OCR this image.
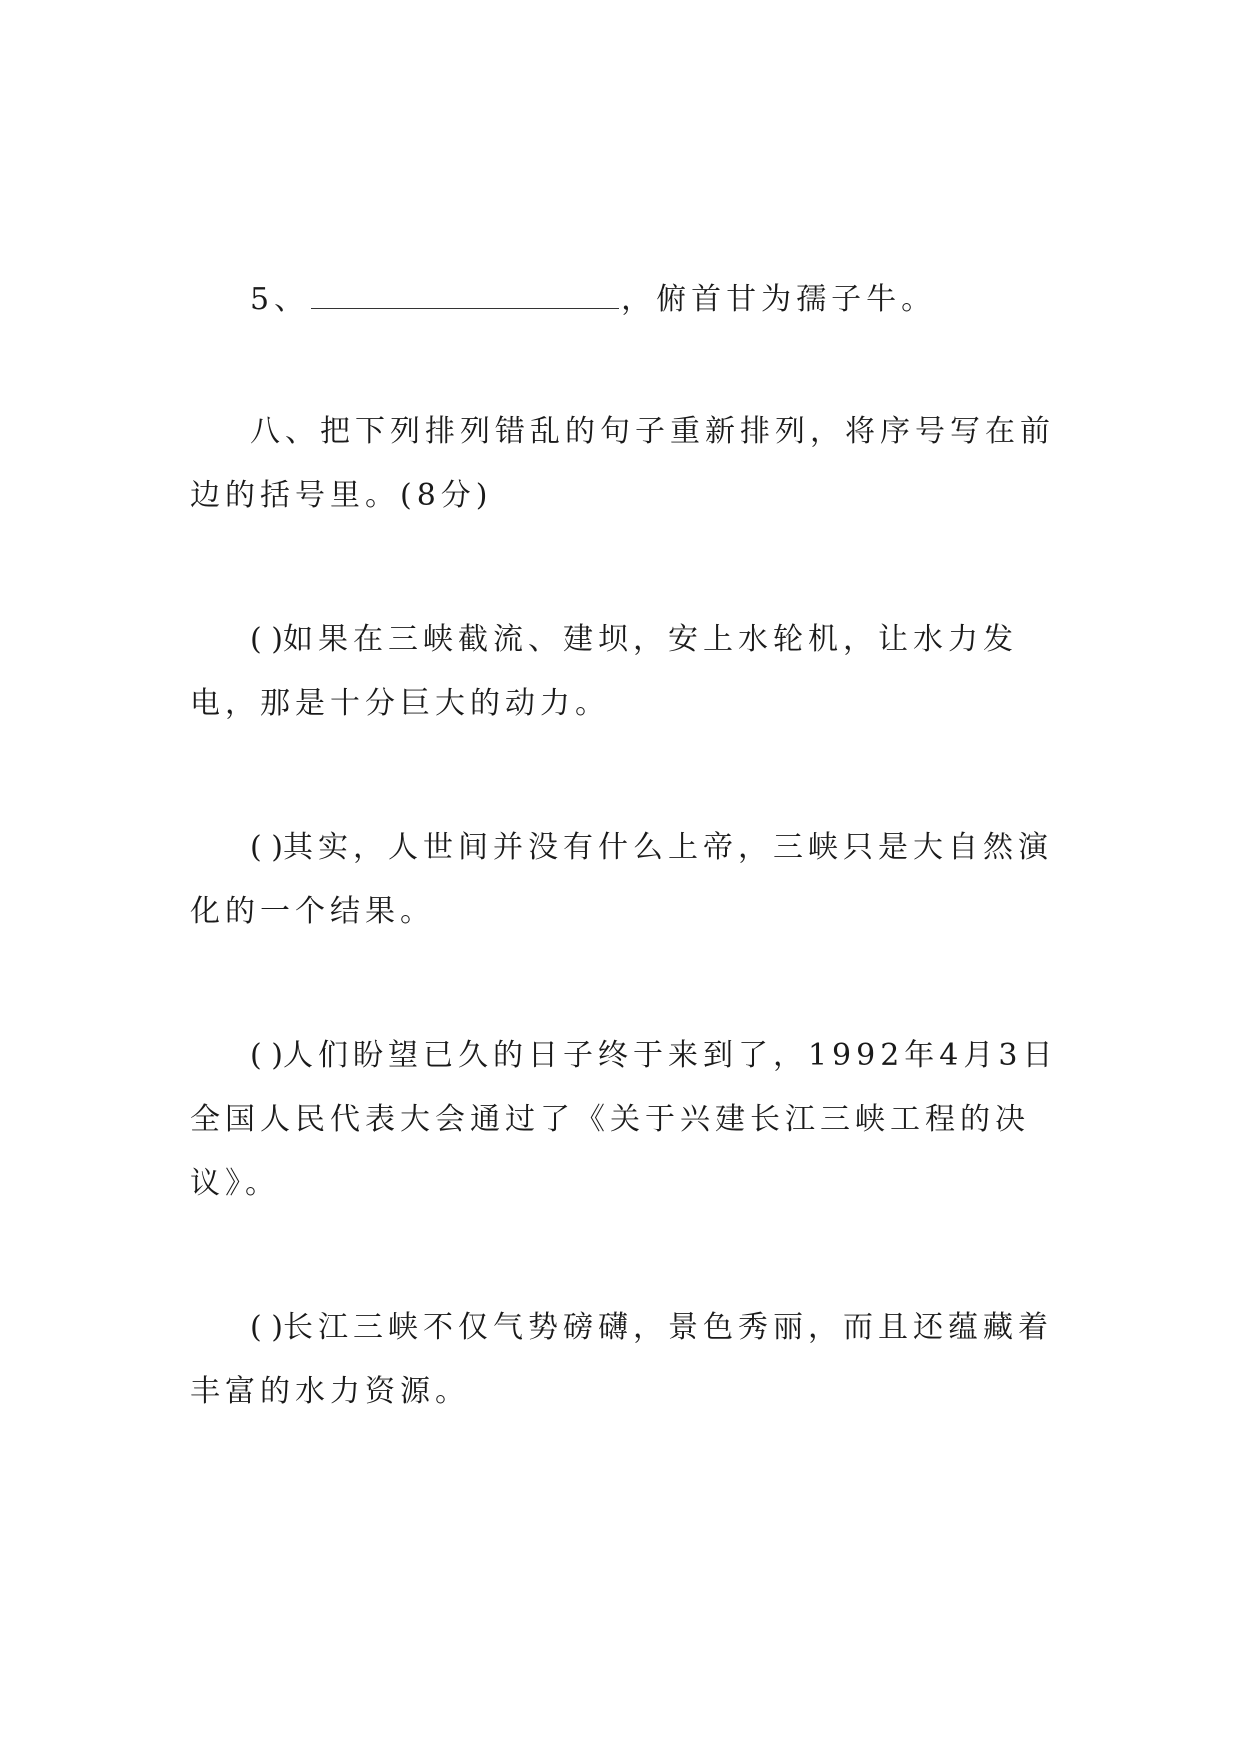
5、	，俯首甘为孺子牛。
八、把下列排列错乱的句子重新排列，将序号写在前边的括号里。(8分)
( )如果在三峡截流、建坝，安上水轮机，让水力发电，那是十分巨大的动力。
( )其实，人世间并没有什么上帝，三峡只是大自然演化的一个结果。
( )人们盼望已久的日子终于来到了，1992年4月3日全国人民代表大会通过了《关于兴建长江三峡工程的决议》。
( )长江三峡不仅气势磅礴，景色秀丽，而且还蕴藏着丰富的水力资源。
